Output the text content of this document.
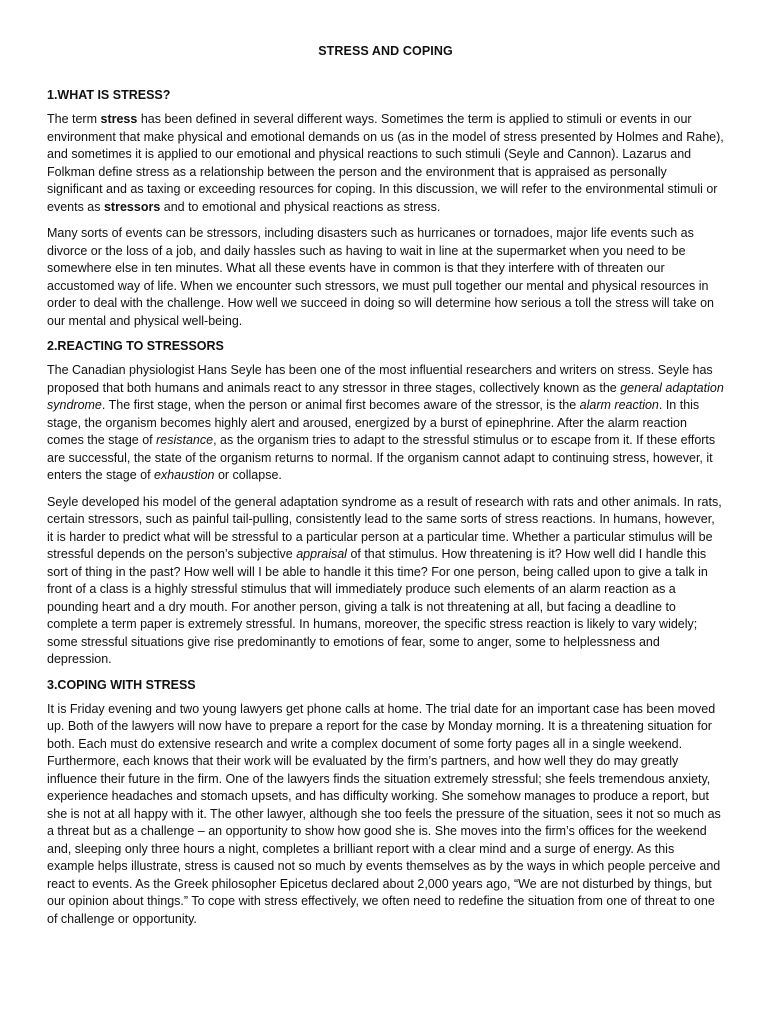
STRESS AND COPING
1.WHAT IS STRESS?

The term stress has been defined in several different ways. Sometimes the term is applied to stimuli or events in our environment that make physical and emotional demands on us (as in the model of stress presented by Holmes and Rahe), and sometimes it is applied to our emotional and physical reactions to such stimuli (Seyle and Cannon). Lazarus and Folkman define stress as a relationship between the person and the environment that is appraised as personally significant and as taxing or exceeding resources for coping. In this discussion, we will refer to the environmental stimuli or events as stressors and to emotional and physical reactions as stress.

Many sorts of events can be stressors, including disasters such as hurricanes or tornadoes, major life events such as divorce or the loss of a job, and daily hassles such as having to wait in line at the supermarket when you need to be somewhere else in ten minutes. What all these events have in common is that they interfere with of threaten our accustomed way of life. When we encounter such stressors, we must pull together our mental and physical resources in order to deal with the challenge. How well we succeed in doing so will determine how serious a toll the stress will take on our mental and physical well-being.

2.REACTING TO STRESSORS

The Canadian physiologist Hans Seyle has been one of the most influential researchers and writers on stress. Seyle has proposed that both humans and animals react to any stressor in three stages, collectively known as the general adaptation syndrome. The first stage, when the person or animal first becomes aware of the stressor, is the alarm reaction. In this stage, the organism becomes highly alert and aroused, energized by a burst of epinephrine. After the alarm reaction comes the stage of resistance, as the organism tries to adapt to the stressful stimulus or to escape from it. If these efforts are successful, the state of the organism returns to normal. If the organism cannot adapt to continuing stress, however, it enters the stage of exhaustion or collapse.

Seyle developed his model of the general adaptation syndrome as a result of research with rats and other animals. In rats, certain stressors, such as painful tail-pulling, consistently lead to the same sorts of stress reactions. In humans, however, it is harder to predict what will be stressful to a particular person at a particular time. Whether a particular stimulus will be stressful depends on the person’s subjective appraisal of that stimulus. How threatening is it? How well did I handle this sort of thing in the past? How well will I be able to handle it this time? For one person, being called upon to give a talk in front of a class is a highly stressful stimulus that will immediately produce such elements of an alarm reaction as a pounding heart and a dry mouth. For another person, giving a talk is not threatening at all, but facing a deadline to complete a term paper is extremely stressful. In humans, moreover, the specific stress reaction is likely to vary widely; some stressful situations give rise predominantly to emotions of fear, some to anger, some to helplessness and depression.

3.COPING WITH STRESS

It is Friday evening and two young lawyers get phone calls at home. The trial date for an important case has been moved up. Both of the lawyers will now have to prepare a report for the case by Monday morning. It is a threatening situation for both. Each must do extensive research and write a complex document of some forty pages all in a single weekend. Furthermore, each knows that their work will be evaluated by the firm’s partners, and how well they do may greatly influence their future in the firm. One of the lawyers finds the situation extremely stressful; she feels tremendous anxiety, experience headaches and stomach upsets, and has difficulty working. She somehow manages to produce a report, but she is not at all happy with it. The other lawyer, although she too feels the pressure of the situation, sees it not so much as a threat but as a challenge – an opportunity to show how good she is. She moves into the firm’s offices for the weekend and, sleeping only three hours a night, completes a brilliant report with a clear mind and a surge of energy. As this example helps illustrate, stress is caused not so much by events themselves as by the ways in which people perceive and react to events. As the Greek philosopher Epicetus declared about 2,000 years ago, “We are not disturbed by things, but our opinion about things.” To cope with stress effectively, we often need to redefine the situation from one of threat to one of challenge or opportunity.
